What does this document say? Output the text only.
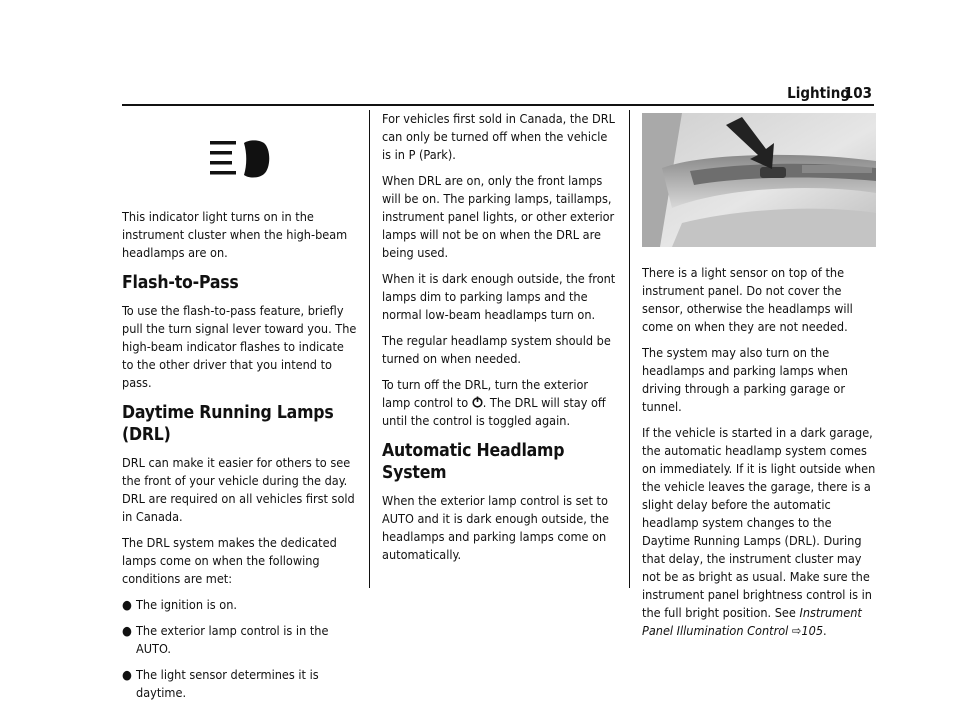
Lighting
103

This indicator light turns on in the instrument cluster when the high-beam headlamps are on.

Flash-to-Pass

To use the flash-to-pass feature, briefly pull the turn signal lever toward you. The high-beam indicator flashes to indicate to the other driver that you intend to pass.

Daytime Running Lamps (DRL)

DRL can make it easier for others to see the front of your vehicle during the day. DRL are required on all vehicles first sold in Canada.

The DRL system makes the dedicated lamps come on when the following conditions are met:

● The ignition is on.
● The exterior lamp control is in the AUTO.
● The light sensor determines it is daytime.

For vehicles first sold in Canada, the DRL can only be turned off when the vehicle is in P (Park).

When DRL are on, only the front lamps will be on. The parking lamps, taillamps, instrument panel lights, or other exterior lamps will not be on when the DRL are being used.

When it is dark enough outside, the front lamps dim to parking lamps and the normal low-beam headlamps turn on.

The regular headlamp system should be turned on when needed.

To turn off the DRL, turn the exterior lamp control to . The DRL will stay off until the control is toggled again.

Automatic Headlamp System

When the exterior lamp control is set to AUTO and it is dark enough outside, the headlamps and parking lamps come on automatically.

There is a light sensor on top of the instrument panel. Do not cover the sensor, otherwise the headlamps will come on when they are not needed.

The system may also turn on the headlamps and parking lamps when driving through a parking garage or tunnel.

If the vehicle is started in a dark garage, the automatic headlamp system comes on immediately. If it is light outside when the vehicle leaves the garage, there is a slight delay before the automatic headlamp system changes to the Daytime Running Lamps (DRL). During that delay, the instrument cluster may not be as bright as usual. Make sure the instrument panel brightness control is in the full bright position. See Instrument Panel Illumination Control ⇨105.
